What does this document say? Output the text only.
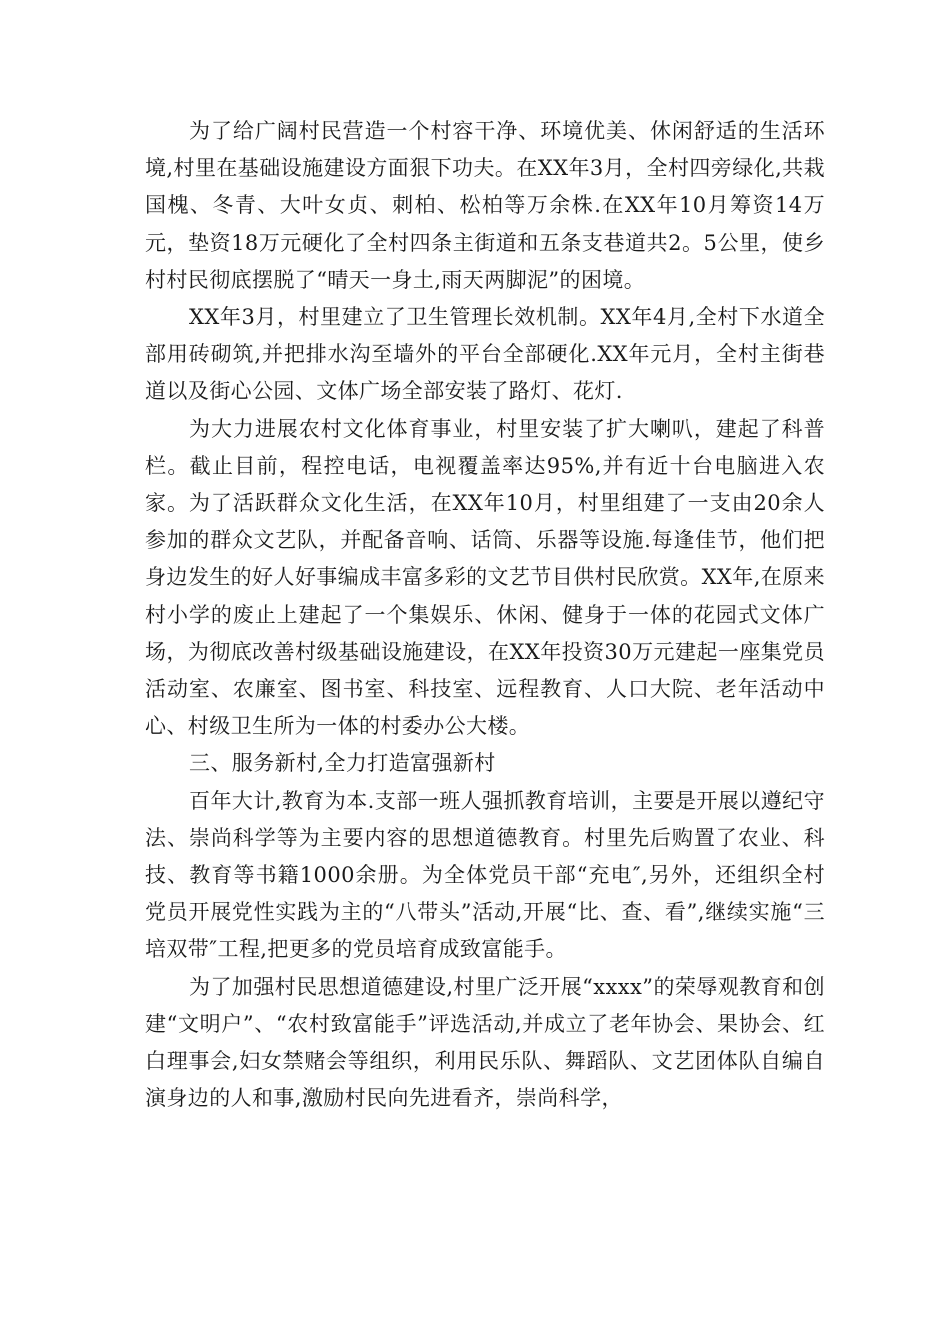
为了给广阔村民营造一个村容干净、环境优美、休闲舒适的生活环境,村里在基础设施建设方面狠下功夫。在XX年3月，全村四旁绿化,共栽国槐、冬青、大叶女贞、刺柏、松柏等万余株.在XX年10月筹资14万元，垫资18万元硬化了全村四条主街道和五条支巷道共2。5公里，使乡村村民彻底摆脱了“晴天一身土,雨天两脚泥”的困境。

XX年3月，村里建立了卫生管理长效机制。XX年4月,全村下水道全部用砖砌筑,并把排水沟至墙外的平台全部硬化.XX年元月，全村主街巷道以及街心公园、文体广场全部安装了路灯、花灯.

为大力进展农村文化体育事业，村里安装了扩大喇叭，建起了科普栏。截止目前，程控电话，电视覆盖率达95%,并有近十台电脑进入农家。为了活跃群众文化生活，在XX年10月，村里组建了一支由20余人参加的群众文艺队，并配备音响、话筒、乐器等设施.每逢佳节，他们把身边发生的好人好事编成丰富多彩的文艺节目供村民欣赏。XX年,在原来村小学的废止上建起了一个集娱乐、休闲、健身于一体的花园式文体广场，为彻底改善村级基础设施建设，在XX年投资30万元建起一座集党员活动室、农廉室、图书室、科技室、远程教育、人口大院、老年活动中心、村级卫生所为一体的村委办公大楼。

三、服务新村,全力打造富强新村

百年大计,教育为本.支部一班人强抓教育培训，主要是开展以遵纪守法、崇尚科学等为主要内容的思想道德教育。村里先后购置了农业、科技、教育等书籍1000余册。为全体党员干部“充电″,另外，还组织全村党员开展党性实践为主的“八带头”活动,开展“比、查、看”,继续实施“三培双带″工程,把更多的党员培育成致富能手。

为了加强村民思想道德建设,村里广泛开展“xxxx”的荣辱观教育和创建“文明户”、“农村致富能手”评选活动,并成立了老年协会、果协会、红白理事会,妇女禁赌会等组织，利用民乐队、舞蹈队、文艺团体队自编自演身边的人和事,激励村民向先进看齐，崇尚科学，
